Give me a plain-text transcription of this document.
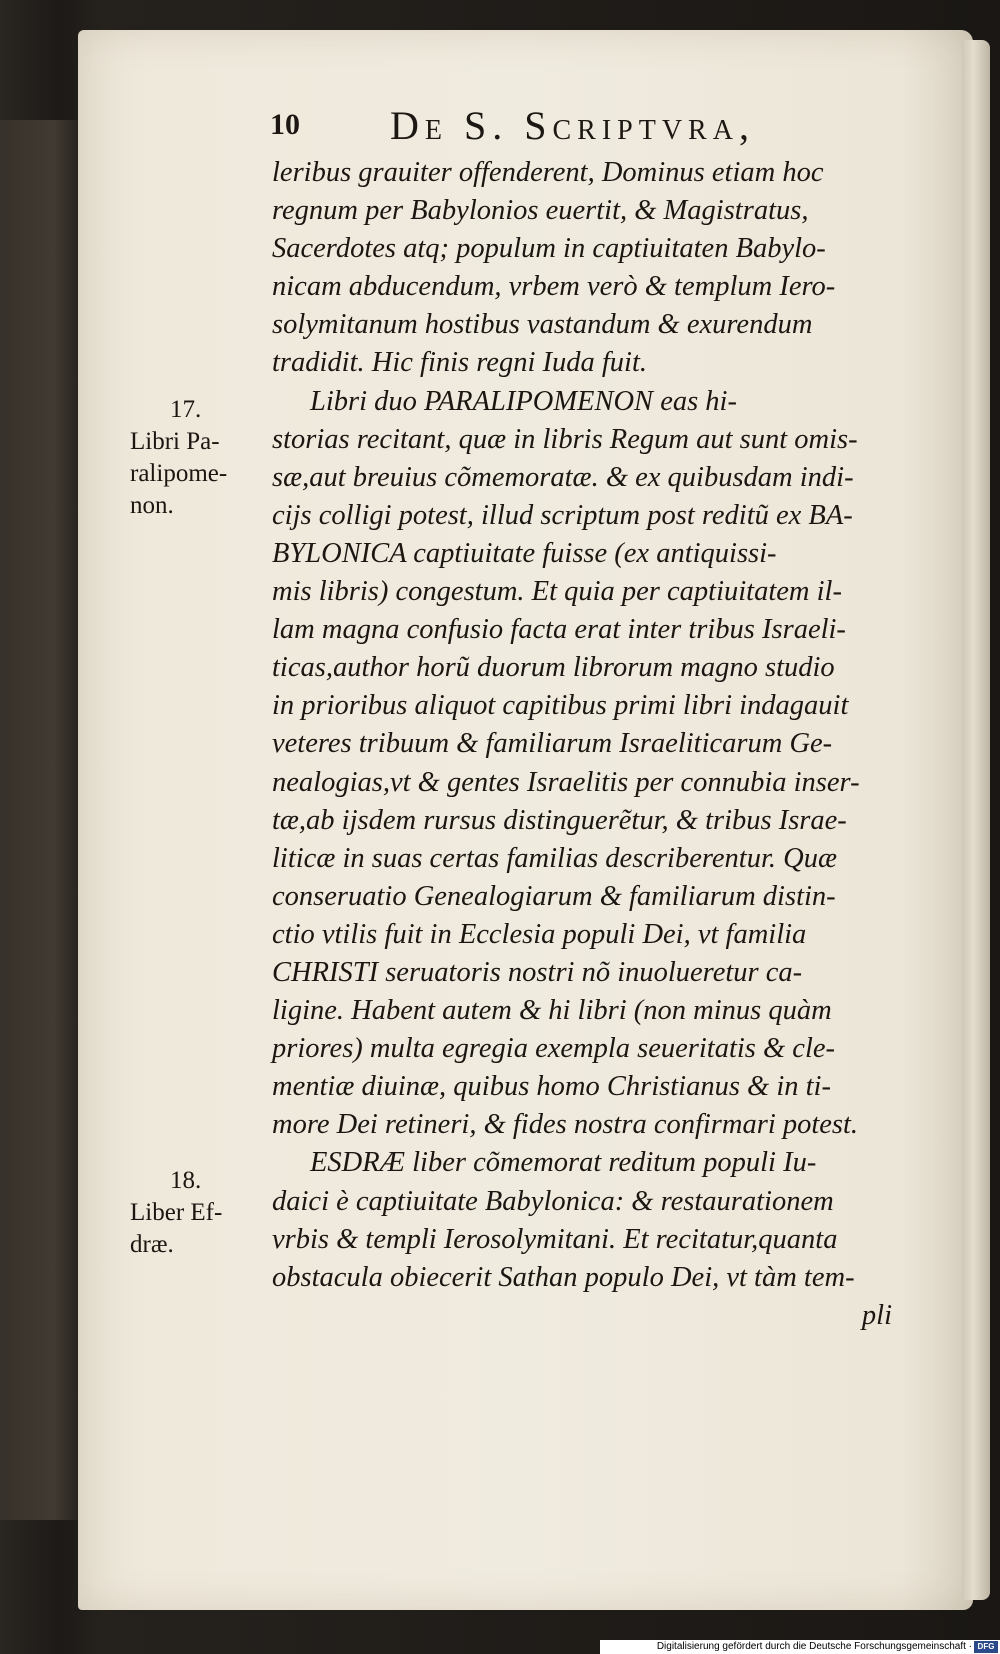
10 De S. Scriptvra,
17.
Libri Pa-
ralipome-
non.
18.
Liber Ef-
dræ.
leribus grauiter offenderent, Dominus etiam hoc
regnum per Babylonios euertit, & Magistratus,
Sacerdotes atq; populum in captiuitaten Babylo-
nicam abducendum, vrbem verò & templum Iero-
solymitanum hostibus vastandum & exurendum
tradidit. Hic finis regni Iuda fuit.
Libri duo PARALIPOMENON eas hi-
storias recitant, quæ in libris Regum aut sunt omis-
sæ,aut breuius cõmemoratæ. & ex quibusdam indi-
cijs colligi potest, illud scriptum post reditũ ex BA-
BYLONICA captiuitate fuisse (ex antiquissi-
mis libris) congestum. Et quia per captiuitatem il-
lam magna confusio facta erat inter tribus Israeli-
ticas,author horũ duorum librorum magno studio
in prioribus aliquot capitibus primi libri indagauit
veteres tribuum & familiarum Israeliticarum Ge-
nealogias,vt & gentes Israelitis per connubia inser-
tæ,ab ijsdem rursus distinguerẽtur, & tribus Israe-
liticæ in suas certas familias describerentur. Quæ
conseruatio Genealogiarum & familiarum distin-
ctio vtilis fuit in Ecclesia populi Dei, vt familia
CHRISTI seruatoris nostri nõ inuolueretur ca-
ligine. Habent autem & hi libri (non minus quàm
priores) multa egregia exempla seueritatis & cle-
mentiæ diuinæ, quibus homo Christianus & in ti-
more Dei retineri, & fides nostra confirmari potest.
ESDRÆ liber cõmemorat reditum populi Iu-
daici è captiuitate Babylonica: & restaurationem
vrbis & templi Ierosolymitani. Et recitatur,quanta
obstacula obiecerit Sathan populo Dei, vt tàm tem-
pli
Digitalisierung gefördert durch die Deutsche Forschungsgemeinschaft · DFG
